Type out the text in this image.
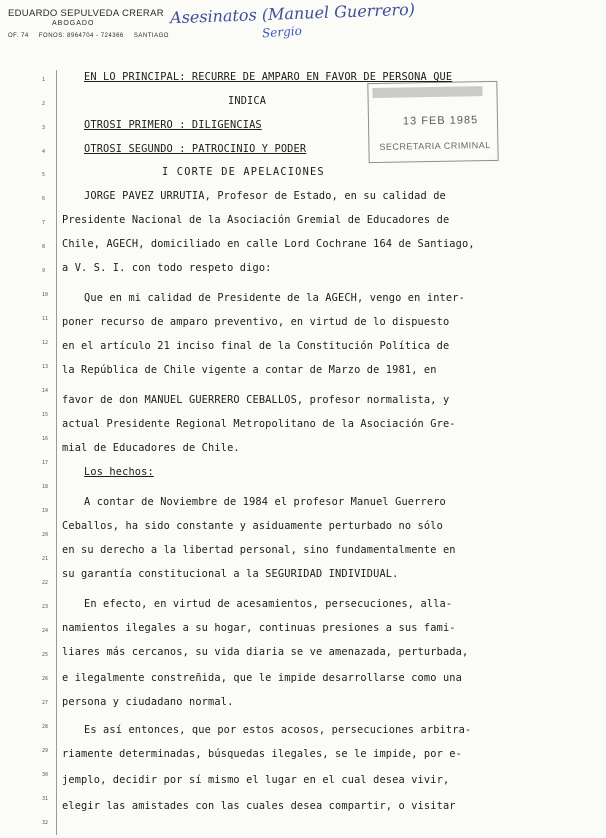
EDUARDO SEPULVEDA CRERAR
ABOGADO
OF. 74 FONOS: 8964704 - 724366 SANTIAGO
Asesinatos (Manuel Guerrero)
Sergio
13 FEB 1985
SECRETARIA CRIMINAL
1
2
3
4
5
6
7
8
9
10
11
12
13
14
15
16
17
18
19
20
21
22
23
24
25
26
27
28
29
30
31
32
EN LO PRINCIPAL: RECURRE DE AMPARO EN FAVOR DE PERSONA QUE
INDICA
OTROSI PRIMERO : DILIGENCIAS
OTROSI SEGUNDO : PATROCINIO Y PODER
I CORTE DE APELACIONES
JORGE PAVEZ URRUTIA, Profesor de Estado, en su calidad de
Presidente Nacional de la Asociación Gremial de Educadores de
Chile, AGECH, domiciliado en calle Lord Cochrane 164 de Santiago,
a V. S. I. con todo respeto digo:
Que en mi calidad de Presidente de la AGECH, vengo en inter-
poner recurso de amparo preventivo, en virtud de lo dispuesto
en el artículo 21 inciso final de la Constitución Política de
la República de Chile vigente a contar de Marzo de 1981, en
favor de don MANUEL GUERRERO CEBALLOS, profesor normalista, y
actual Presidente Regional Metropolitano de la Asociación Gre-
mial de Educadores de Chile.
Los hechos:
A contar de Noviembre de 1984 el profesor Manuel Guerrero
Ceballos, ha sido constante y asiduamente perturbado no sólo
en su derecho a la libertad personal, sino fundamentalmente en
su garantía constitucional a la SEGURIDAD INDIVIDUAL.
En efecto, en virtud de acesamientos, persecuciones, alla-
namientos ilegales a su hogar, continuas presiones a sus fami-
liares más cercanos, su vida diaria se ve amenazada, perturbada,
e ilegalmente constreñida, que le impide desarrollarse como una
persona y ciudadano normal.
Es así entonces, que por estos acosos, persecuciones arbitra-
riamente determinadas, búsquedas ilegales, se le impide, por e-
jemplo, decidir por sí mismo el lugar en el cual desea vivir,
elegir las amistades con las cuales desea compartir, o visitar
